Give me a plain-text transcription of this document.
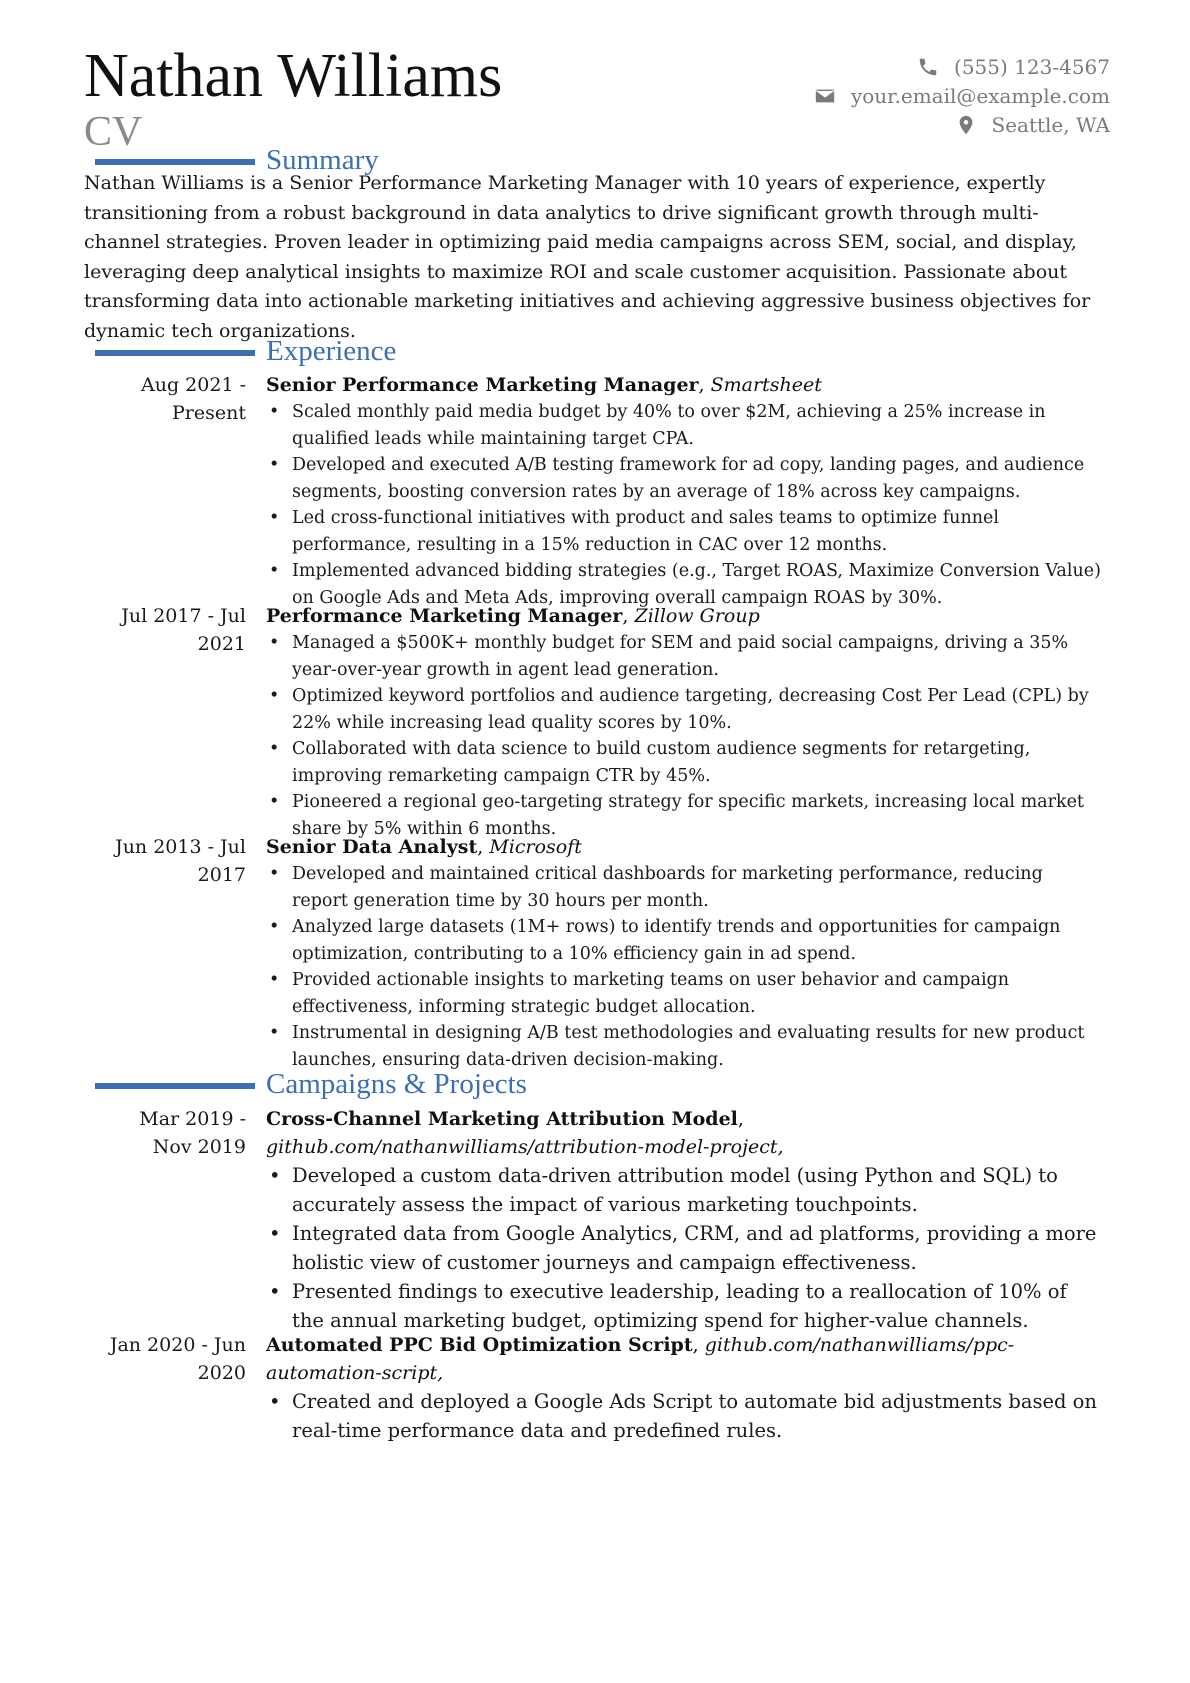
Nathan Williams
CV
(555) 123-4567
your.email@example.com
Seattle, WA
Summary

Nathan Williams is a Senior Performance Marketing Manager with 10 years of experience, expertly transitioning from a robust background in data analytics to drive significant growth through multi-channel strategies. Proven leader in optimizing paid media campaigns across SEM, social, and display, leveraging deep analytical insights to maximize ROI and scale customer acquisition. Passionate about transforming data into actionable marketing initiatives and achieving aggressive business objectives for dynamic tech organizations.

Experience
Aug 2021 -
Present
Senior Performance Marketing Manager, Smartsheet
• Scaled monthly paid media budget by 40% to over $2M, achieving a 25% increase in qualified leads while maintaining target CPA.
• Developed and executed A/B testing framework for ad copy, landing pages, and audience segments, boosting conversion rates by an average of 18% across key campaigns.
• Led cross-functional initiatives with product and sales teams to optimize funnel performance, resulting in a 15% reduction in CAC over 12 months.
• Implemented advanced bidding strategies (e.g., Target ROAS, Maximize Conversion Value) on Google Ads and Meta Ads, improving overall campaign ROAS by 30%.
Jul 2017 - Jul
2021
Performance Marketing Manager, Zillow Group
• Managed a $500K+ monthly budget for SEM and paid social campaigns, driving a 35% year-over-year growth in agent lead generation.
• Optimized keyword portfolios and audience targeting, decreasing Cost Per Lead (CPL) by 22% while increasing lead quality scores by 10%.
• Collaborated with data science to build custom audience segments for retargeting, improving remarketing campaign CTR by 45%.
• Pioneered a regional geo-targeting strategy for specific markets, increasing local market share by 5% within 6 months.
Jun 2013 - Jul
2017
Senior Data Analyst, Microsoft
• Developed and maintained critical dashboards for marketing performance, reducing report generation time by 30 hours per month.
• Analyzed large datasets (1M+ rows) to identify trends and opportunities for campaign optimization, contributing to a 10% efficiency gain in ad spend.
• Provided actionable insights to marketing teams on user behavior and campaign effectiveness, informing strategic budget allocation.
• Instrumental in designing A/B test methodologies and evaluating results for new product launches, ensuring data-driven decision-making.
Campaigns & Projects
Mar 2019 -
Nov 2019
Cross-Channel Marketing Attribution Model, github.com/nathanwilliams/attribution-model-project,
• Developed a custom data-driven attribution model (using Python and SQL) to accurately assess the impact of various marketing touchpoints.
• Integrated data from Google Analytics, CRM, and ad platforms, providing a more holistic view of customer journeys and campaign effectiveness.
• Presented findings to executive leadership, leading to a reallocation of 10% of the annual marketing budget, optimizing spend for higher-value channels.
Jan 2020 - Jun
2020
Automated PPC Bid Optimization Script, github.com/nathanwilliams/ppc-automation-script,
• Created and deployed a Google Ads Script to automate bid adjustments based on real-time performance data and predefined rules.
